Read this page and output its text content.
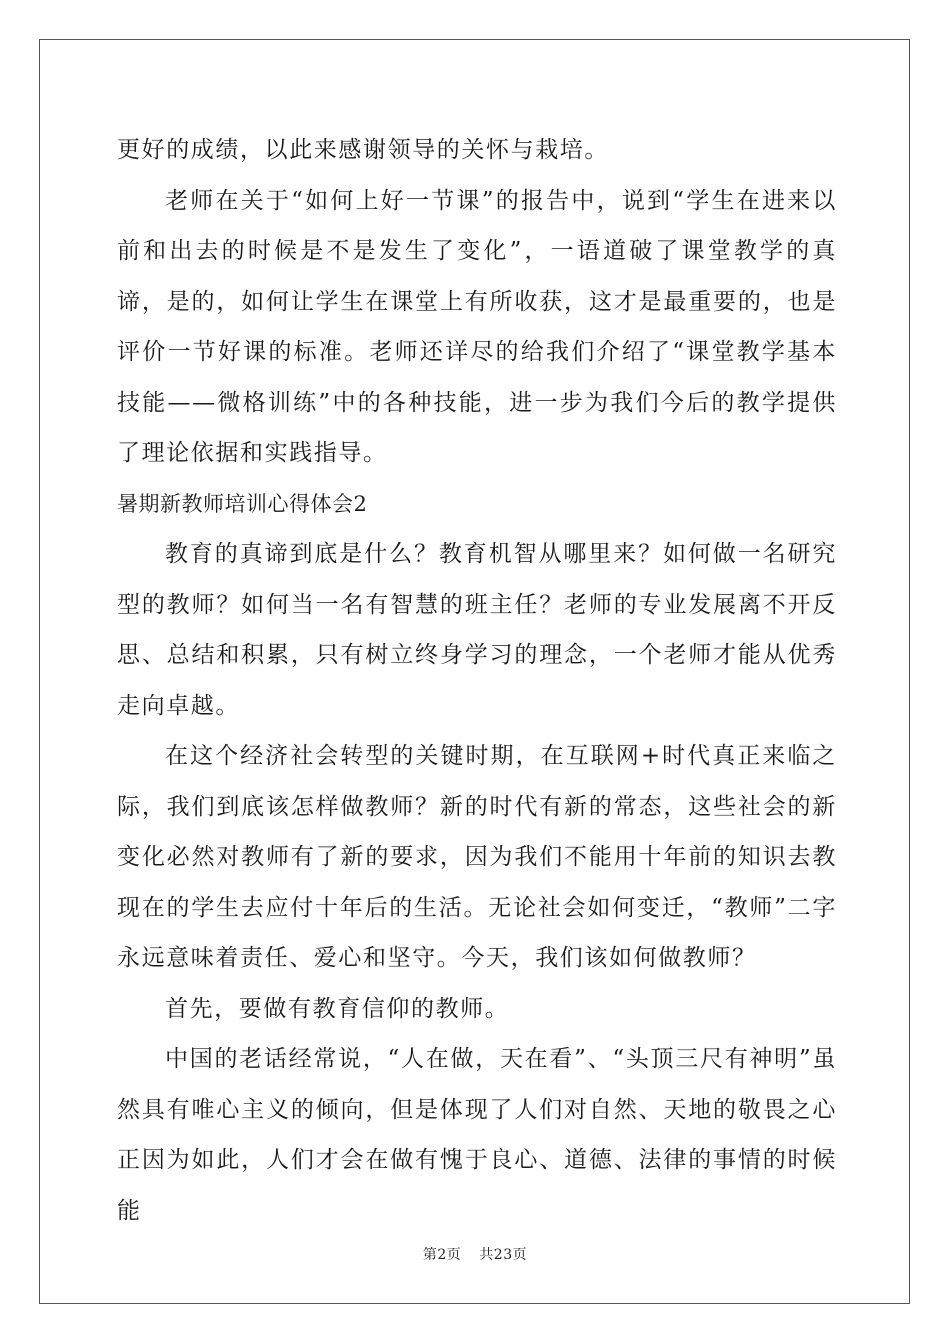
更好的成绩，以此来感谢领导的关怀与栽培。

老师在关于“如何上好一节课”的报告中，说到“学生在进来以前和出去的时候是不是发生了变化”，一语道破了课堂教学的真谛，是的，如何让学生在课堂上有所收获，这才是最重要的，也是评价一节好课的标准。老师还详尽的给我们介绍了“课堂教学基本技能——微格训练”中的各种技能，进一步为我们今后的教学提供了理论依据和实践指导。

暑期新教师培训心得体会2

教育的真谛到底是什么？教育机智从哪里来？如何做一名研究型的教师？如何当一名有智慧的班主任？老师的专业发展离不开反思、总结和积累，只有树立终身学习的理念，一个老师才能从优秀走向卓越。

在这个经济社会转型的关键时期，在互联网+时代真正来临之际，我们到底该怎样做教师？新的时代有新的常态，这些社会的新变化必然对教师有了新的要求，因为我们不能用十年前的知识去教现在的学生去应付十年后的生活。无论社会如何变迁，“教师”二字永远意味着责任、爱心和坚守。今天，我们该如何做教师？

首先，要做有教育信仰的教师。

中国的老话经常说，“人在做，天在看”、“头顶三尺有神明”虽然具有唯心主义的倾向，但是体现了人们对自然、天地的敬畏之心正因为如此，人们才会在做有愧于良心、道德、法律的事情的时候能

第2页 共23页
